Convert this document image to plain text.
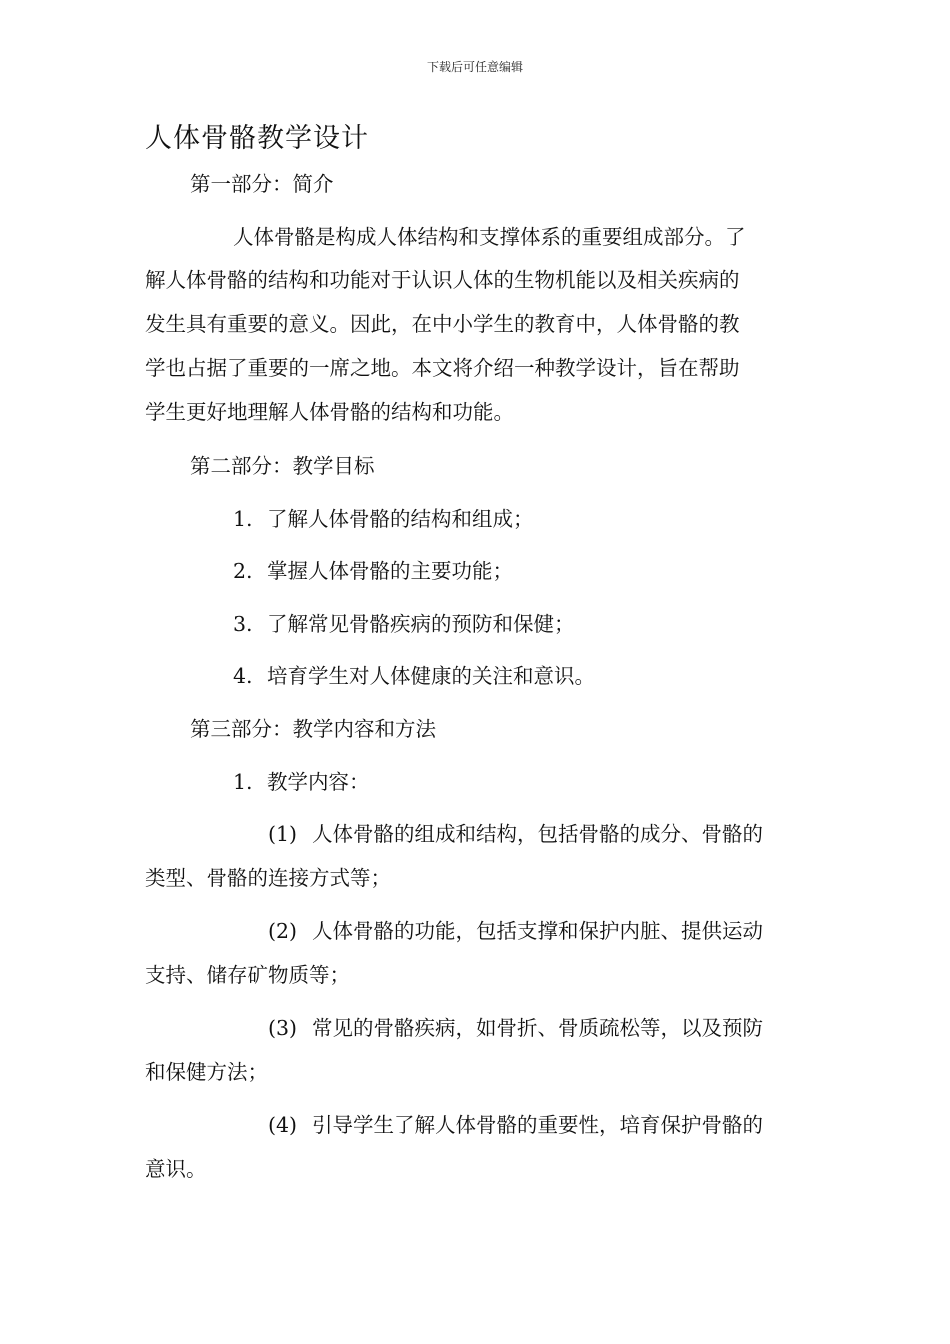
下载后可任意编辑
人体骨骼教学设计
第一部分：简介
人体骨骼是构成人体结构和支撑体系的重要组成部分。了
解人体骨骼的结构和功能对于认识人体的生物机能以及相关疾病的
发生具有重要的意义。因此，在中小学生的教育中，人体骨骼的教
学也占据了重要的一席之地。本文将介绍一种教学设计，旨在帮助
学生更好地理解人体骨骼的结构和功能。
第二部分：教学目标
1. 了解人体骨骼的结构和组成；
2. 掌握人体骨骼的主要功能；
3. 了解常见骨骼疾病的预防和保健；
4. 培育学生对人体健康的关注和意识。
第三部分：教学内容和方法
1. 教学内容：
(1) 人体骨骼的组成和结构，包括骨骼的成分、骨骼的
类型、骨骼的连接方式等；
(2) 人体骨骼的功能，包括支撑和保护内脏、提供运动
支持、储存矿物质等；
(3) 常见的骨骼疾病，如骨折、骨质疏松等，以及预防
和保健方法；
(4) 引导学生了解人体骨骼的重要性，培育保护骨骼的
意识。
